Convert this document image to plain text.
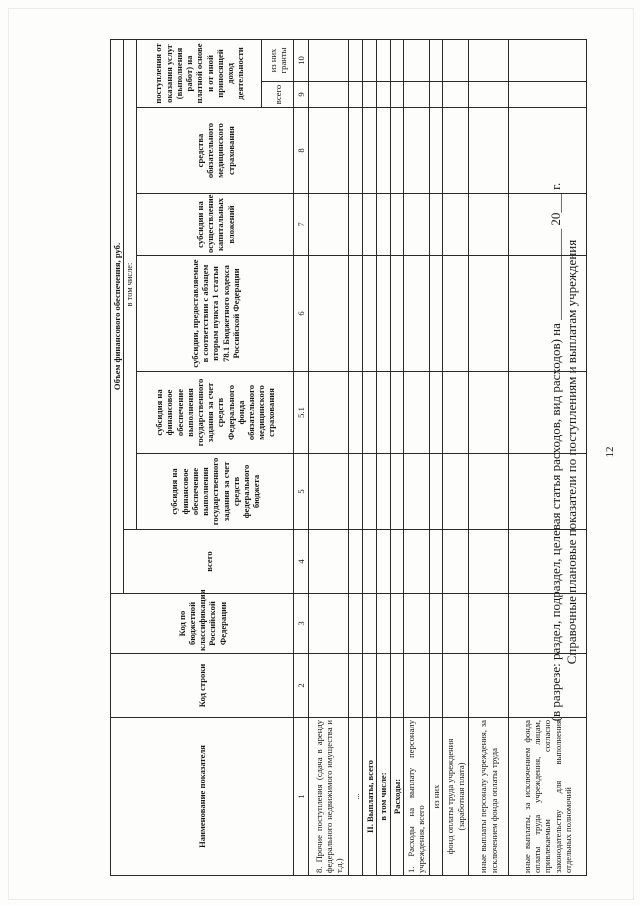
12
Справочные плановые показатели по поступлениям и выплатам учреждения
(в разрезе: раздел, подраздел, целевая статья расходов, вид расходов) на ______________ 20___ г.
Наименование показателя	Код строки	Код по бюджетной классификации Российской Федерации	Объем финансового обеспечения, руб.							
			всего	в том числе:						
				субсидия на финансовое обеспечение выполнения государственного задания за счет средств федерального бюджета	субсидия на финансовое обеспечение выполнения государственного задания за счет средств Федерального фонда обязательного медицинского страхования	субсидии, предоставляемые в соответствии с абзацем вторым пункта 1 статьи 78.1 Бюджетного кодекса Российской Федерации	субсидии на осуществление капитальных вложений	средства обязательного медицинского страхования	поступления от оказания услуг (выполнения работ) на платной основе и от иной приносящей доход деятельности	
									всего	из них гранты
1	2	3	4	5	5.1	6	7	8	9	10
8. Прочие поступления (сдача в аренду федерального недвижимого имущества и т.д.)										
...										
II. Выплаты, всего										
в том числе:										
Расходы:										
1. Расходы на выплату персоналу учреждения, всего										
из них										
фонд оплаты труда учреждения (заработная плата)										
иные выплаты персоналу учреждения, за исключением фонда оплаты труда										
иные выплаты, за исключением фонда оплаты труда учреждения, лицам, привлекаемым согласно законодательству для выполнения отдельных полномочий										
